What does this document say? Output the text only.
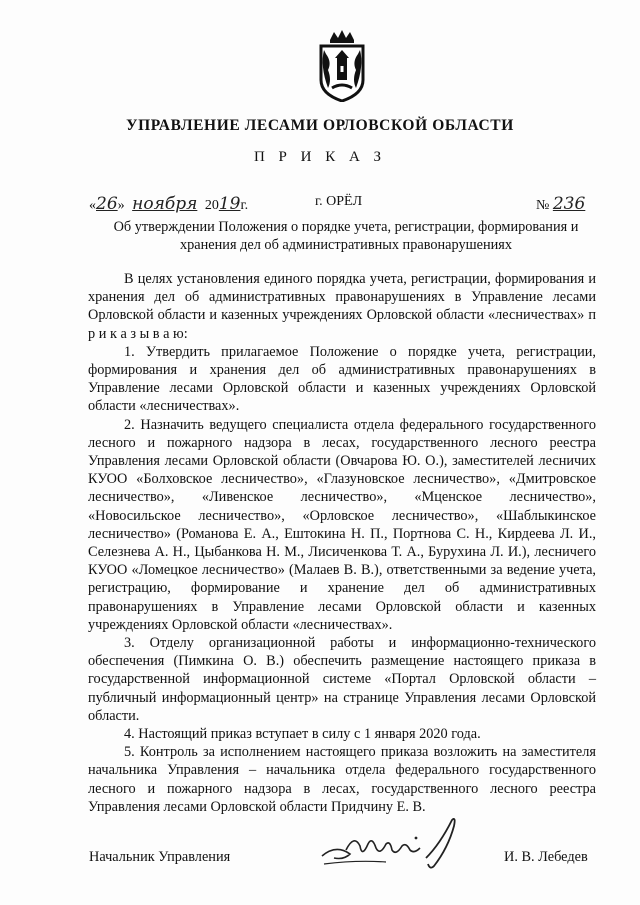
УПРАВЛЕНИЕ ЛЕСАМИ ОРЛОВСКОЙ ОБЛАСТИ
П Р И К А З
«26» ноября 2019г.	г. ОРЁЛ	№ 236
Об утверждении Положения о порядке учета, регистрации, формирования и хранения дел об административных правонарушениях

В целях установления единого порядка учета, регистрации, формирования и хранения дел об административных правонарушениях в Управление лесами Орловской области и казенных учреждениях Орловской области «лесничествах» п р и к а з ы в а ю:

1. Утвердить прилагаемое Положение о порядке учета, регистрации, формирования и хранения дел об административных правонарушениях в Управление лесами Орловской области и казенных учреждениях Орловской области «лесничествах».

2. Назначить ведущего специалиста отдела федерального государственного лесного и пожарного надзора в лесах, государственного лесного реестра Управления лесами Орловской области (Овчарова Ю. О.), заместителей лесничих КУОО «Болховское лесничество», «Глазуновское лесничество», «Дмитровское лесничество», «Ливенское лесничество», «Мценское лесничество», «Новосильское лесничество», «Орловское лесничество», «Шаблыкинское лесничество» (Романова Е. А., Ештокина Н. П., Портнова С. Н., Кирдеева Л. И., Селезнева А. Н., Цыбанкова Н. М., Лисиченкова Т. А., Бурухина Л. И.), лесничего КУОО «Ломецкое лесничество» (Малаев В. В.), ответственными за ведение учета, регистрацию, формирование и хранение дел об административных правонарушениях в Управление лесами Орловской области и казенных учреждениях Орловской области «лесничествах».

3. Отделу организационной работы и информационно-технического обеспечения (Пимкина О. В.) обеспечить размещение настоящего приказа в государственной информационной системе «Портал Орловской области – публичный информационный центр» на странице Управления лесами Орловской области.

4. Настоящий приказ вступает в силу с 1 января 2020 года.

5. Контроль за исполнением настоящего приказа возложить на заместителя начальника Управления – начальника отдела федерального государственного лесного и пожарного надзора в лесах, государственного лесного реестра Управления лесами Орловской области Придчину Е. В.

Начальник Управления	И. В. Лебедев
